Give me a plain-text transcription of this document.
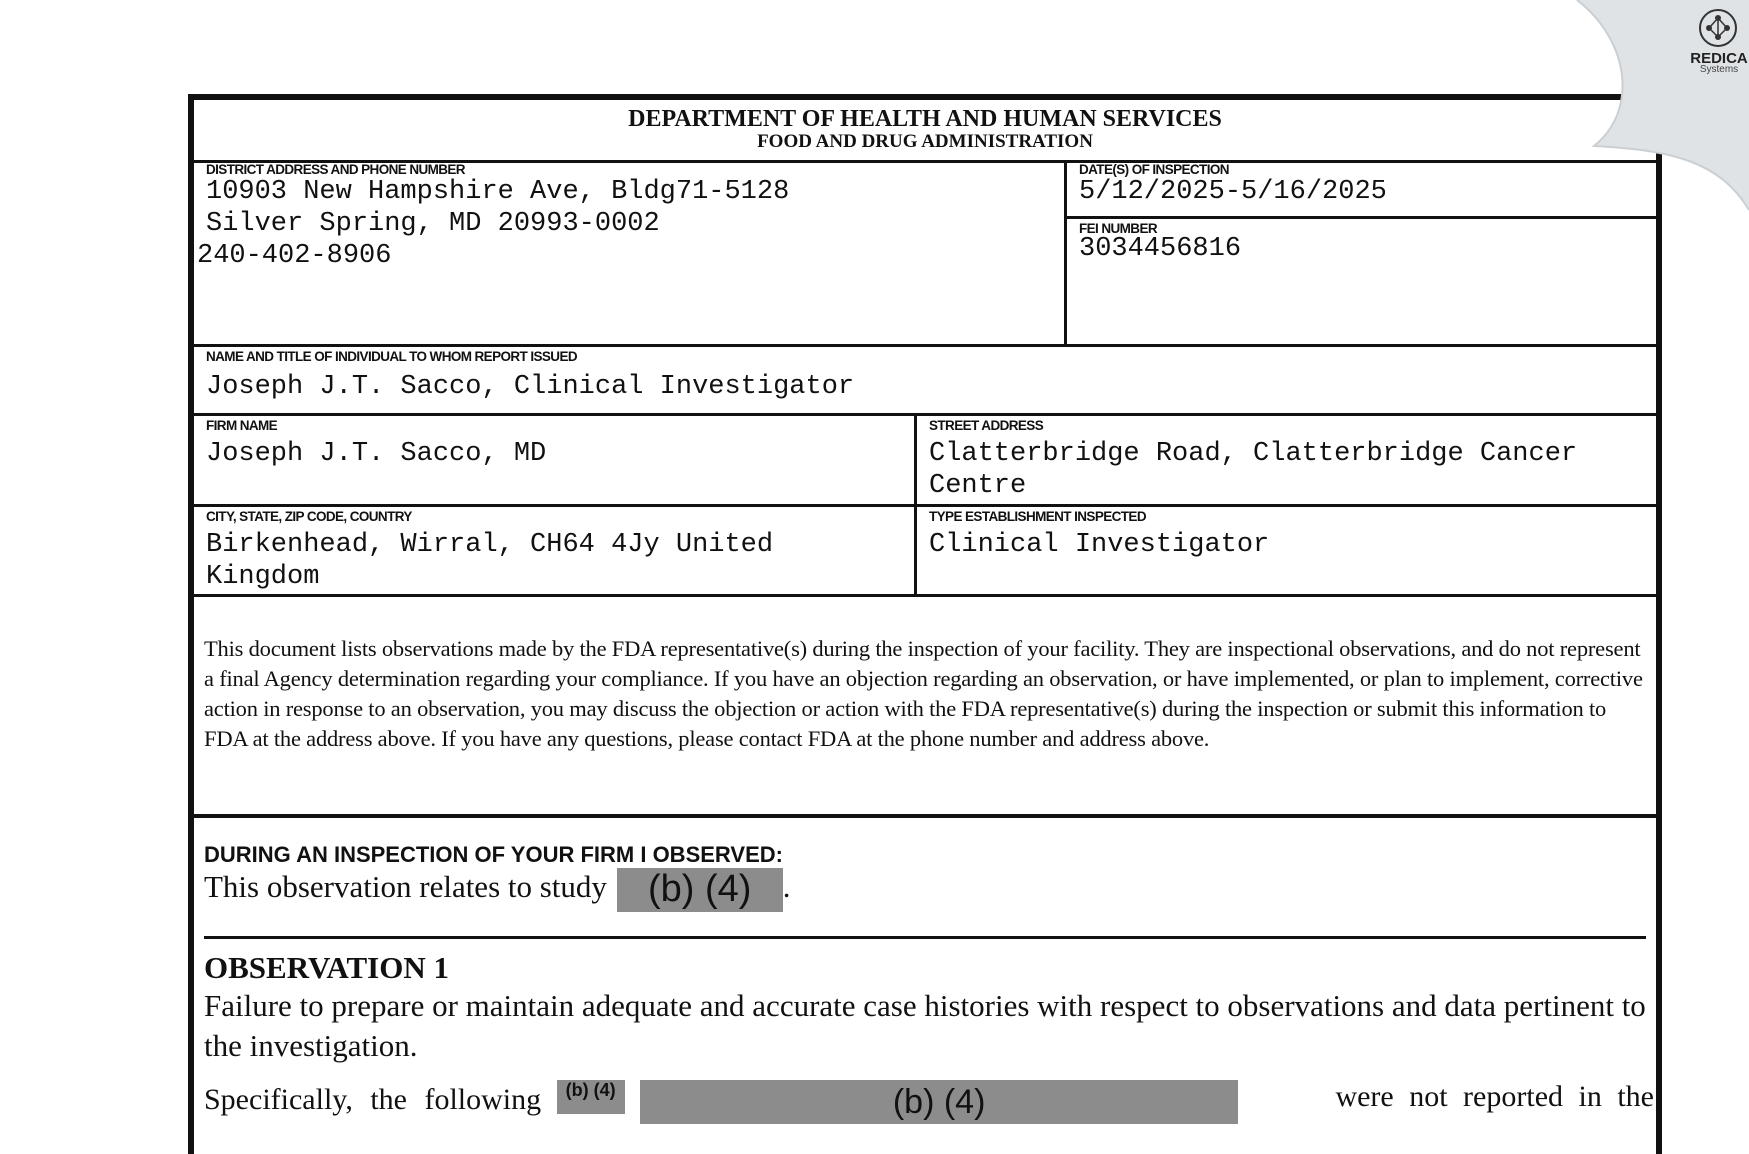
DEPARTMENT OF HEALTH AND HUMAN SERVICES
FOOD AND DRUG ADMINISTRATION
DISTRICT ADDRESS AND PHONE NUMBER
10903 New Hampshire Ave, Bldg71-5128
Silver Spring, MD 20993-0002
240-402-8906
DATE(S) OF INSPECTION
5/12/2025-5/16/2025
FEI NUMBER
3034456816
NAME AND TITLE OF INDIVIDUAL TO WHOM REPORT ISSUED
Joseph J.T. Sacco, Clinical Investigator
FIRM NAME
Joseph J.T. Sacco, MD
STREET ADDRESS
Clatterbridge Road, Clatterbridge Cancer
Centre
CITY, STATE, ZIP CODE, COUNTRY
Birkenhead, Wirral, CH64 4Jy United
Kingdom
TYPE ESTABLISHMENT INSPECTED
Clinical Investigator
This document lists observations made by the FDA representative(s) during the inspection of your facility. They are inspectional observations, and do not represent a final Agency determination regarding your compliance. If you have an objection regarding an observation, or have implemented, or plan to implement, corrective action in response to an observation, you may discuss the objection or action with the FDA representative(s) during the inspection or submit this information to FDA at the address above. If you have any questions, please contact FDA at the phone number and address above.
DURING AN INSPECTION OF YOUR FIRM I OBSERVED:
This observation relates to study (b) (4) .
OBSERVATION 1
Failure to prepare or maintain adequate and accurate case histories with respect to observations and data pertinent to the investigation.
Specifically, the following (b) (4)	(b) (4)	were not reported in the
REDICA
Systems
